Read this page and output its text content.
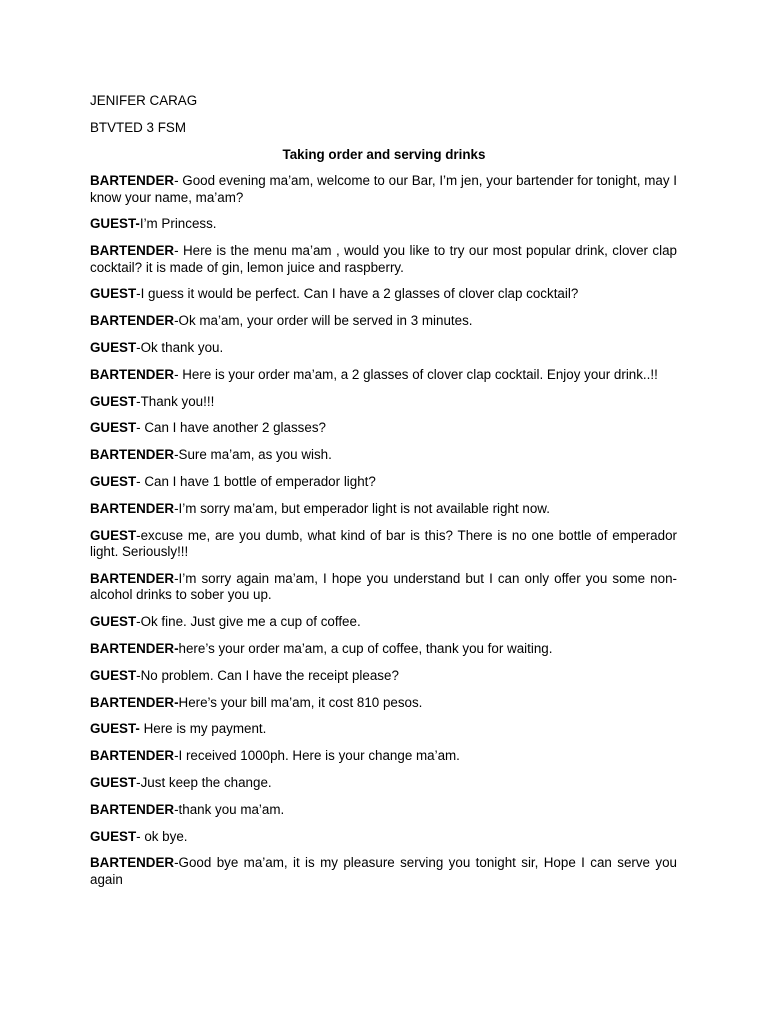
JENIFER CARAG
BTVTED 3 FSM
Taking order and serving drinks

BARTENDER- Good evening ma’am, welcome to our Bar, I’m jen, your bartender for tonight, may I know your name, ma’am?

GUEST-I’m Princess.

BARTENDER- Here is the menu ma’am , would you like to try our most popular drink, clover clap cocktail? it is made of gin, lemon juice and raspberry.

GUEST-I guess it would be perfect. Can I have a 2 glasses of clover clap cocktail?

BARTENDER-Ok ma’am, your order will be served in 3 minutes.

GUEST-Ok thank you.

BARTENDER- Here is your order ma’am, a 2 glasses of clover clap cocktail. Enjoy your drink..!!

GUEST-Thank you!!!

GUEST- Can I have another 2 glasses?

BARTENDER-Sure ma’am, as you wish.

GUEST- Can I have 1 bottle of emperador light?

BARTENDER-I’m sorry ma’am, but emperador light is not available right now.

GUEST-excuse me, are you dumb, what kind of bar is this? There is no one bottle of emperador light. Seriously!!!

BARTENDER-I’m sorry again ma’am, I hope you understand but I can only offer you some non-alcohol drinks to sober you up.

GUEST-Ok fine. Just give me a cup of coffee.

BARTENDER-here’s your order ma’am, a cup of coffee, thank you for waiting.

GUEST-No problem. Can I have the receipt please?

BARTENDER-Here’s your bill ma’am, it cost 810 pesos.

GUEST- Here is my payment.

BARTENDER-I received 1000ph. Here is your change ma’am.

GUEST-Just keep the change.

BARTENDER-thank you ma’am.

GUEST- ok bye.

BARTENDER-Good bye ma’am, it is my pleasure serving you tonight sir, Hope I can serve you again
